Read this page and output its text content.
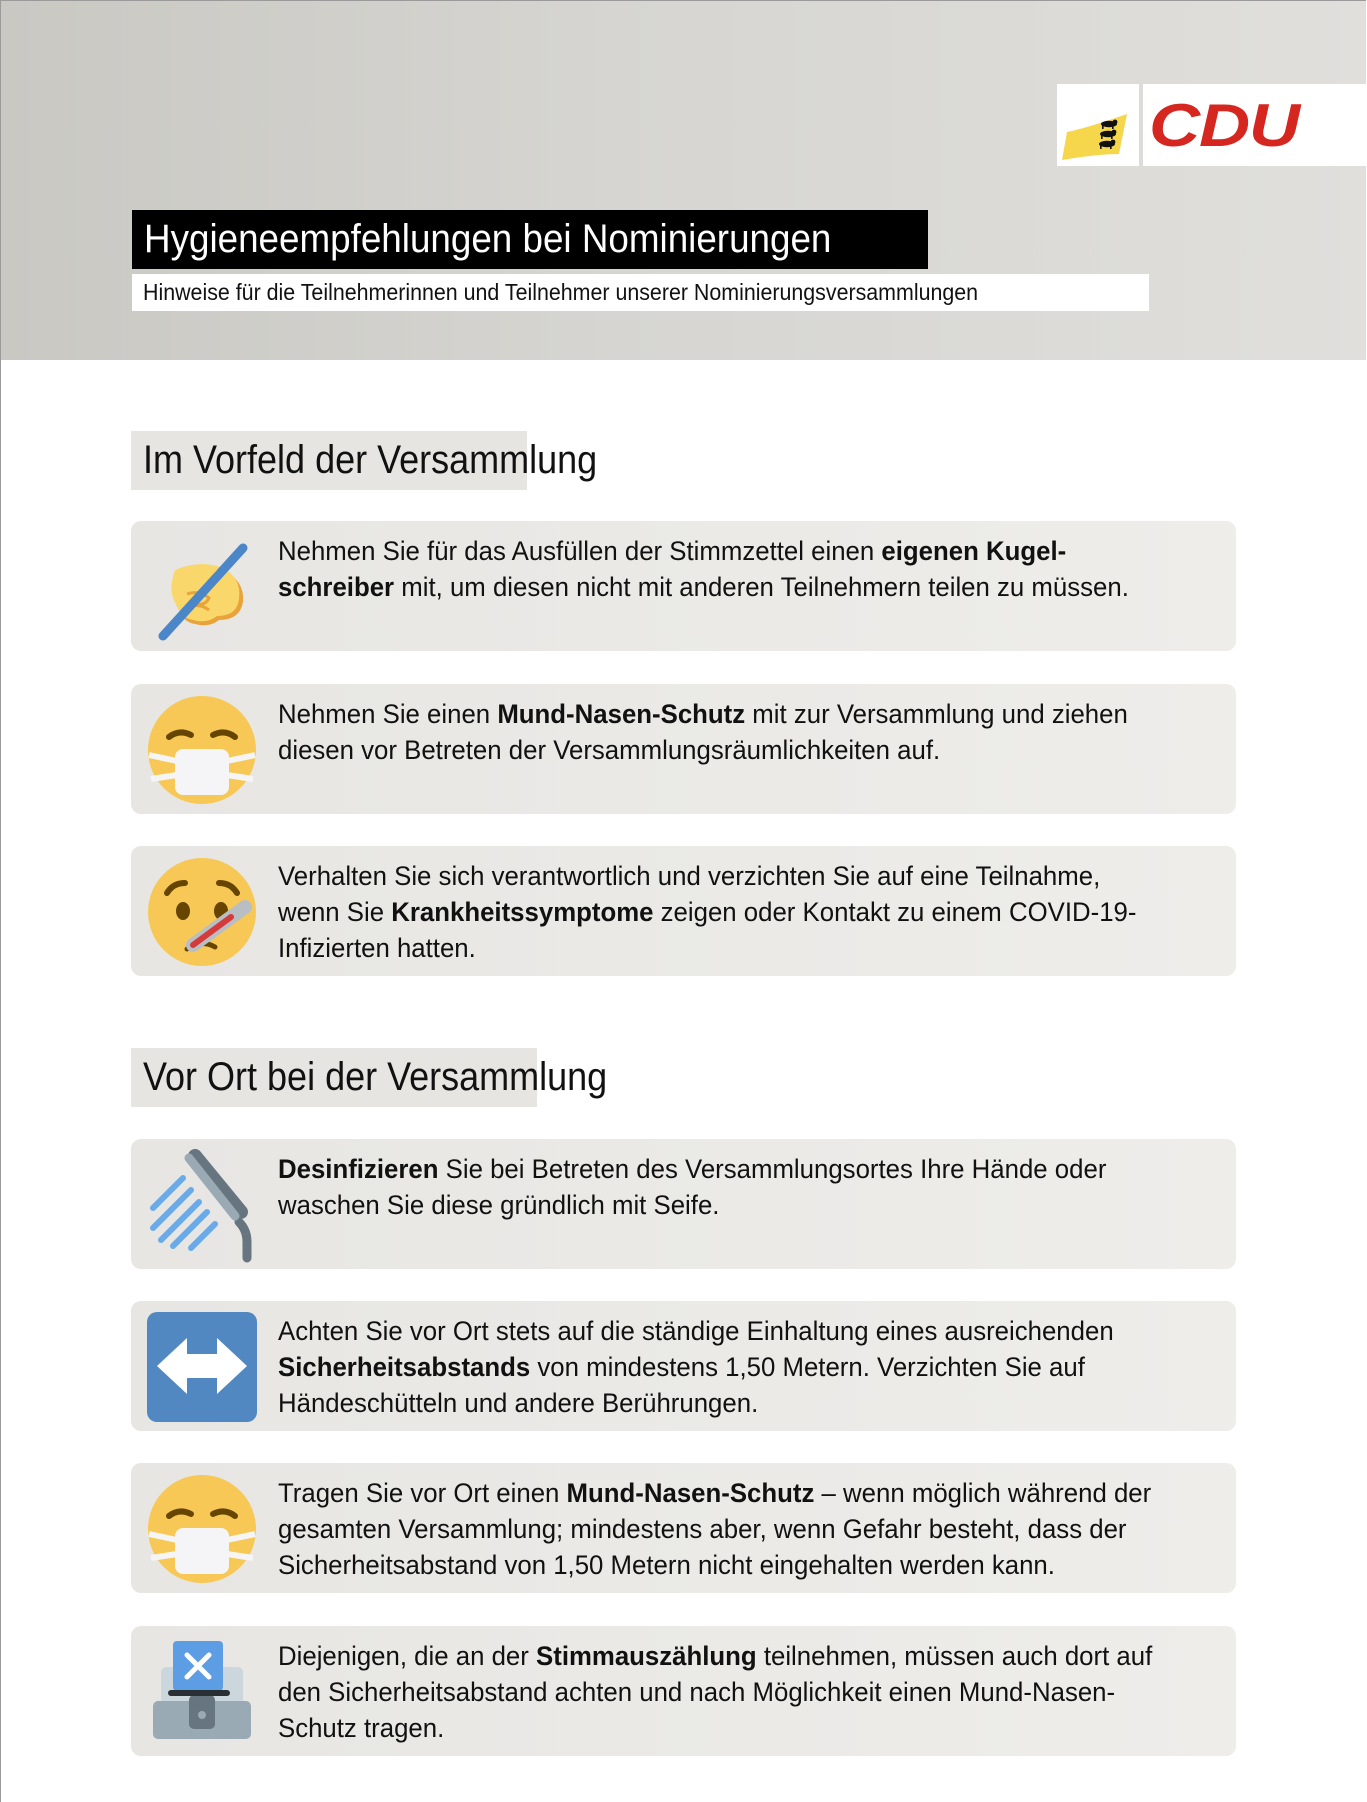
CDU
Hygieneempfehlungen bei Nominierungen
Hinweise für die Teilnehmerinnen und Teilnehmer unserer Nominierungsversammlungen
Im Vorfeld der Versammlung
Nehmen Sie für das Ausfüllen der Stimmzettel einen eigenen Kugel-
schreiber mit, um diesen nicht mit anderen Teilnehmern teilen zu müssen.
Nehmen Sie einen Mund-Nasen-Schutz mit zur Versammlung und ziehen
diesen vor Betreten der Versammlungsräumlichkeiten auf.
Verhalten Sie sich verantwortlich und verzichten Sie auf eine Teilnahme,
wenn Sie Krankheitssymptome zeigen oder Kontakt zu einem COVID-19-
Infizierten hatten.
Vor Ort bei der Versammlung
Desinfizieren Sie bei Betreten des Versammlungsortes Ihre Hände oder
waschen Sie diese gründlich mit Seife.
Achten Sie vor Ort stets auf die ständige Einhaltung eines ausreichenden
Sicherheitsabstands von mindestens 1,50 Metern. Verzichten Sie auf
Händeschütteln und andere Berührungen.
Tragen Sie vor Ort einen Mund-Nasen-Schutz – wenn möglich während der
gesamten Versammlung; mindestens aber, wenn Gefahr besteht, dass der
Sicherheitsabstand von 1,50 Metern nicht eingehalten werden kann.
Diejenigen, die an der Stimmauszählung teilnehmen, müssen auch dort auf
den Sicherheitsabstand achten und nach Möglichkeit einen Mund-Nasen-
Schutz tragen.
